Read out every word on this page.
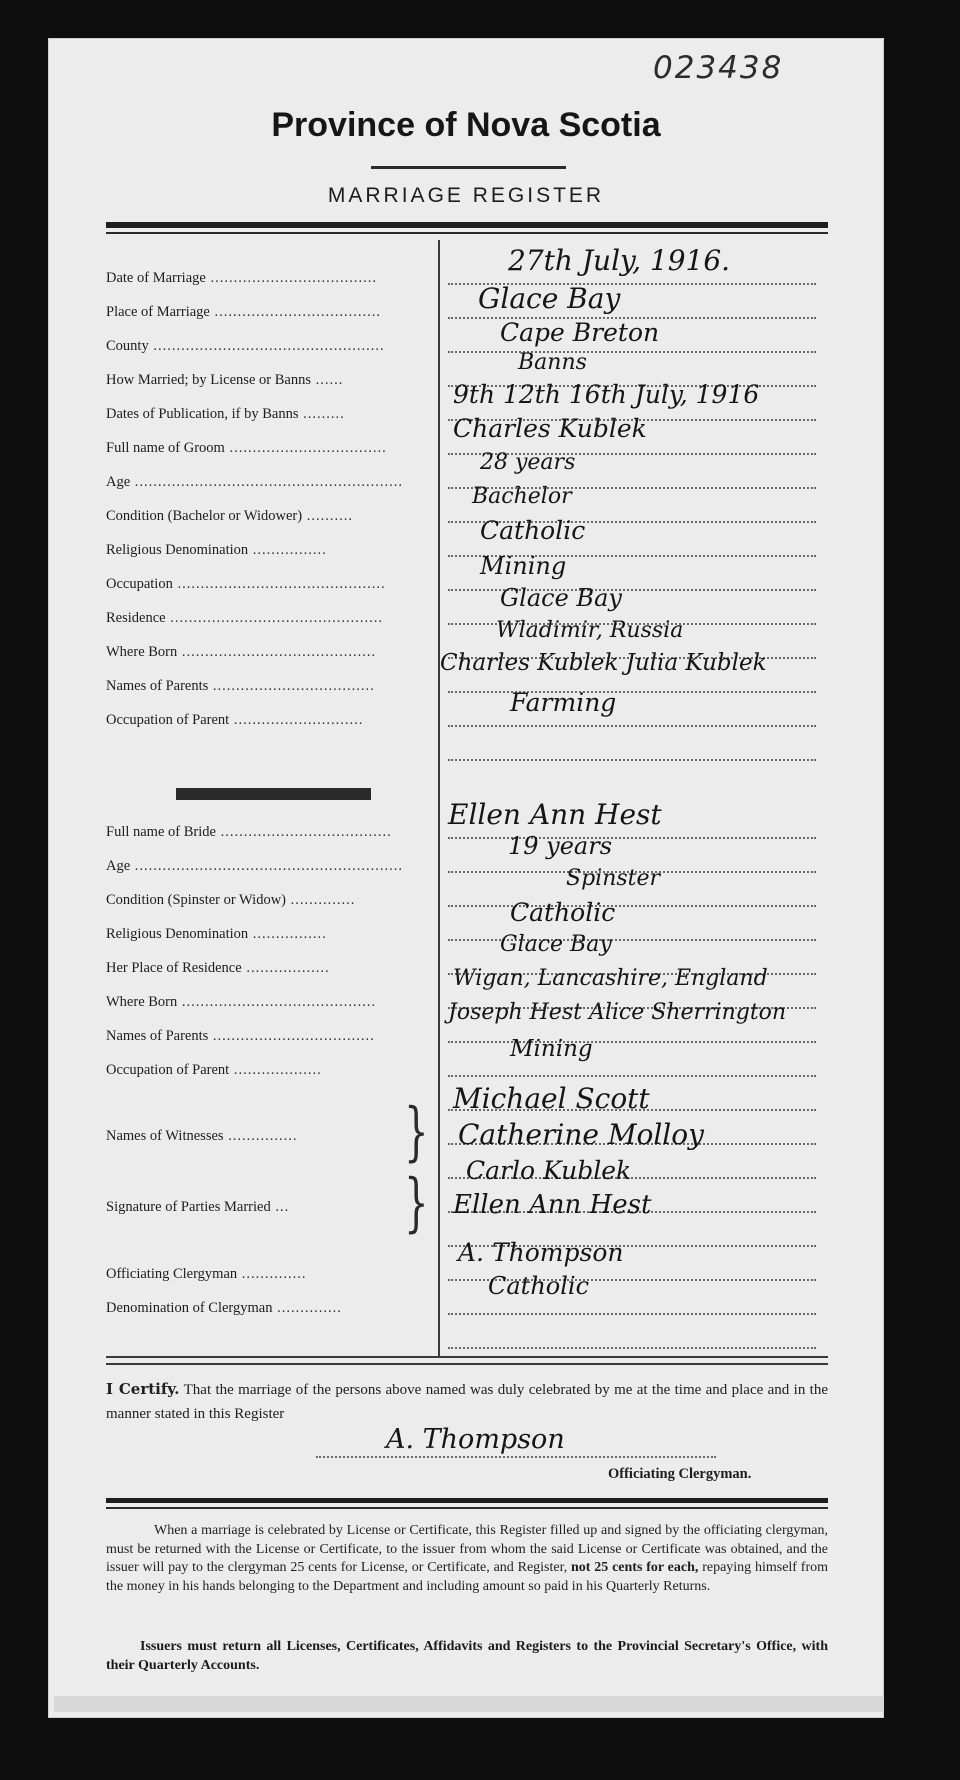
023438
Province of Nova Scotia
MARRIAGE REGISTER
Date of Marriage ....................................
Place of Marriage ....................................
County ..................................................
How Married; by License or Banns ......
Dates of Publication, if by Banns .........
Full name of Groom ..................................
Age ..........................................................
Condition (Bachelor or Widower) ..........
Religious Denomination ................
Occupation .............................................
Residence ..............................................
Where Born ..........................................
Names of Parents ...................................
Occupation of Parent ............................
Full name of Bride .....................................
Age ..........................................................
Condition (Spinster or Widow) ..............
Religious Denomination ................
Her Place of Residence ..................
Where Born ..........................................
Names of Parents ...................................
Occupation of Parent ...................
Names of Witnesses ...............	}
Signature of Parties Married ...	}
Officiating Clergyman ..............
Denomination of Clergyman ..............
27th July, 1916.
Glace Bay
Cape Breton
Banns
9th 12th 16th July, 1916
Charles Kublek
28 years
Bachelor
Catholic
Mining
Glace Bay
Wladimir, Russia
Charles Kublek Julia Kublek
Farming
Ellen Ann Hest
19 years
Spinster
Catholic
Glace Bay
Wigan, Lancashire, England
Joseph Hest Alice Sherrington
Mining
Michael Scott
Catherine Molloy
Carlo Kublek
Ellen Ann Hest
A. Thompson
Catholic
I Certify. That the marriage of the persons above named was duly celebrated by me at the time and place and in the manner stated in this Register
A. Thompson
Officiating Clergyman.
When a marriage is celebrated by License or Certificate, this Register filled up and signed by the officiating clergyman, must be returned with the License or Certificate, to the issuer from whom the said License or Certificate was obtained, and the issuer will pay to the clergyman 25 cents for License, or Certificate, and Register, not 25 cents for each, repaying himself from the money in his hands belonging to the Department and including amount so paid in his Quarterly Returns.
Issuers must return all Licenses, Certificates, Affidavits and Registers to the Provincial Secretary's Office, with their Quarterly Accounts.
